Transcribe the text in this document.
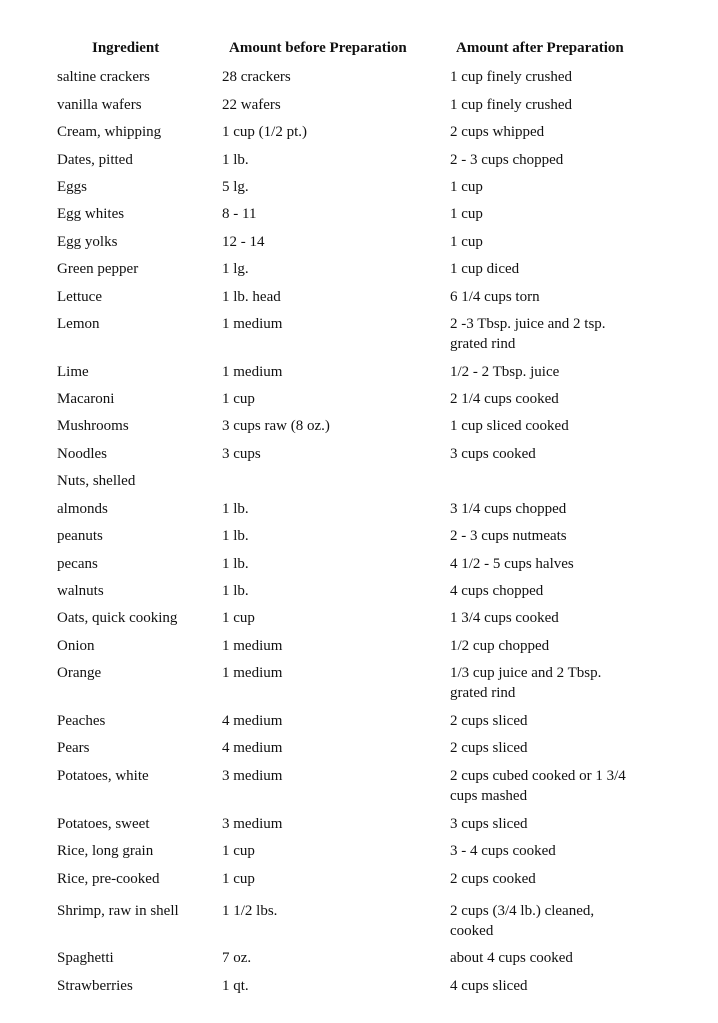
Ingredient	Amount before Preparation	Amount after Preparation
saltine crackers	28 crackers	1 cup finely crushed
vanilla wafers	22 wafers	1 cup finely crushed
Cream, whipping	1 cup (1/2 pt.)	2 cups whipped
Dates, pitted	1 lb.	2 - 3 cups chopped
Eggs	5 lg.	1 cup
Egg whites	8 - 11	1 cup
Egg yolks	12 - 14	1 cup
Green pepper	1 lg.	1 cup diced
Lettuce	1 lb. head	6 1/4 cups torn
Lemon	1 medium	2 -3 Tbsp. juice and 2 tsp. grated rind
Lime	1 medium	1/2 - 2 Tbsp. juice
Macaroni	1 cup	2 1/4 cups cooked
Mushrooms	3 cups raw (8 oz.)	1 cup sliced cooked
Noodles	3 cups	3 cups cooked
Nuts, shelled
almonds	1 lb.	3 1/4 cups chopped
peanuts	1 lb.	2 - 3 cups nutmeats
pecans	1 lb.	4 1/2 - 5 cups halves
walnuts	1 lb.	4 cups chopped
Oats, quick cooking	1 cup	1 3/4 cups cooked
Onion	1 medium	1/2 cup chopped
Orange	1 medium	1/3 cup juice and 2 Tbsp. grated rind
Peaches	4 medium	2 cups sliced
Pears	4 medium	2 cups sliced
Potatoes, white	3 medium	2 cups cubed cooked or 1 3/4 cups mashed
Potatoes, sweet	3 medium	3 cups sliced
Rice, long grain	1 cup	3 - 4 cups cooked
Rice, pre-cooked	1 cup	2 cups cooked
Shrimp, raw in shell	1 1/2 lbs.	2 cups (3/4 lb.) cleaned, cooked
Spaghetti	7 oz.	about 4 cups cooked
Strawberries	1 qt.	4 cups sliced
